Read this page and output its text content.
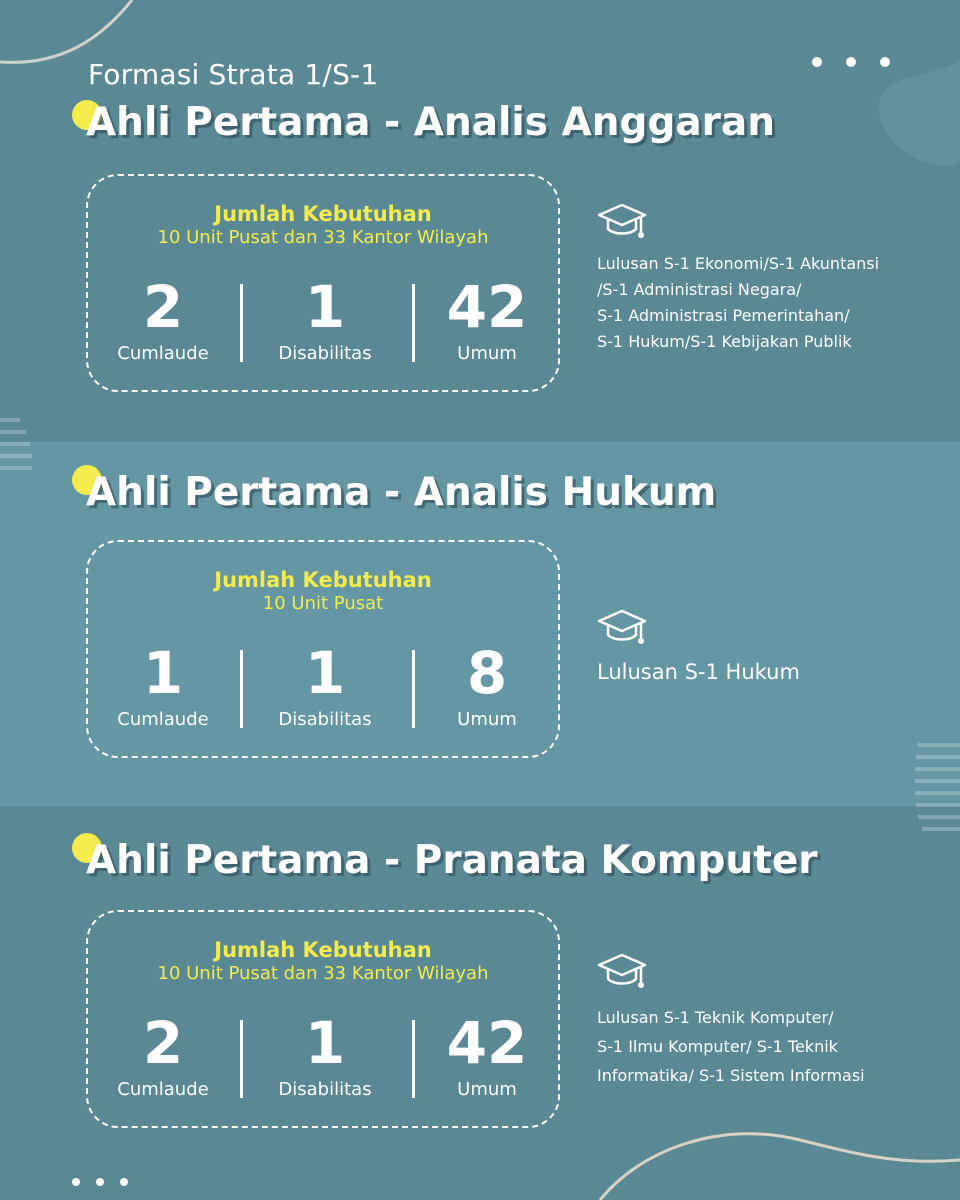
Formasi Strata 1/S-1
Ahli Pertama - Analis Anggaran
Jumlah Kebutuhan
10 Unit Pusat dan 33 Kantor Wilayah
2
Cumlaude
1
Disabilitas
42
Umum
Lulusan S-1 Ekonomi/S-1 Akuntansi
/S-1 Administrasi Negara/
S-1 Administrasi Pemerintahan/
S-1 Hukum/S-1 Kebijakan Publik
Ahli Pertama - Analis Hukum
Jumlah Kebutuhan
10 Unit Pusat
1
Cumlaude
1
Disabilitas
8
Umum
Lulusan S-1 Hukum
Ahli Pertama - Pranata Komputer
Jumlah Kebutuhan
10 Unit Pusat dan 33 Kantor Wilayah
2
Cumlaude
1
Disabilitas
42
Umum
Lulusan S-1 Teknik Komputer/
S-1 Ilmu Komputer/ S-1 Teknik
Informatika/ S-1 Sistem Informasi
